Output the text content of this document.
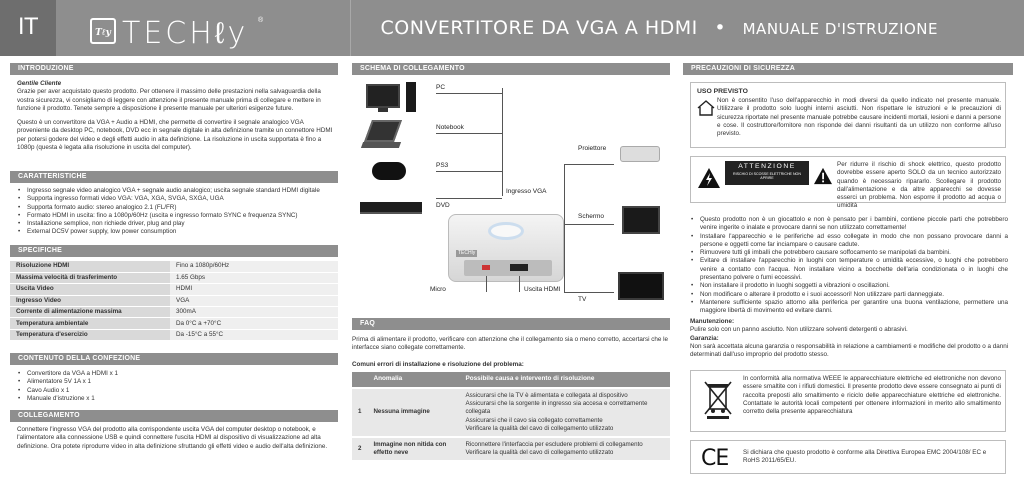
IT	Tℓy TECHℓy ®	CONVERTITORE DA VGA A HDMI • MANUALE D'ISTRUZIONE
INTRODUZIONE
Gentile Cliente
Grazie per aver acquistato questo prodotto. Per ottenere il massimo delle prestazioni nella salvaguardia della vostra sicurezza, vi consigliamo di leggere con attenzione il presente manuale prima di collegare e mettere in funzione il prodotto. Tenete sempre a disposizione il presente manuale per ulteriori esigenze future.
Questo è un convertitore da VGA + Audio a HDMI, che permette di convertire il segnale analogico VGA proveniente da desktop PC, notebook, DVD ecc in segnale digitale in alta definizione tramite un connettore HDMI per potersi godere del video e degli effetti audio in alta definizione. La risoluzione in uscita supportata è fino a 1080p (questa è legata alla risoluzione in uscita del computer).
CARATTERISTICHE
• Ingresso segnale video analogico VGA + segnale audio analogico; uscita segnale standard HDMI digitale
• Supporta ingresso formati video VGA: VGA, XGA, SVGA, SXGA, UGA
• Supporta formato audio: stereo analogico 2.1 (FL/FR)
• Formato HDMI in uscita: fino a 1080p/60Hz (uscita e ingresso formato SYNC e frequenza SYNC)
• Installazione semplice, non richiede driver, plug and play
• External DC5V power supply, low power consumption
SPECIFICHE
Risoluzione HDMI	Fino a 1080p/60Hz
Massima velocità di trasferimento	1.65 Gbps
Uscita Video	HDMI
Ingresso Video	VGA
Corrente di alimentazione massima	300mA
Temperatura ambientale	Da 0°C a +70°C
Temperatura d'esercizio	Da -15°C a 55°C
CONTENUTO DELLA CONFEZIONE
• Convertitore da VGA a HDMI x 1
• Alimentatore 5V 1A x 1
• Cavo Audio x 1
• Manuale d'istruzione x 1
COLLEGAMENTO
Connettere l'ingresso VGA del prodotto alla corrispondente uscita VGA del computer desktop o notebook, e l'alimentatore alla connessione USB e quindi connettere l'uscita HDMI al dispositivo di visualizzazione ad alta definizione. Ora potete riprodurre video in alta definizione sfruttando gli effetti video e audio dell'alta definizione.
SCHEMA DI COLLEGAMENTO
PC
Notebook
PS3
DVD
Ingresso VGA
TECHly
Micro	Uscita HDMI
Proiettore
Schermo
TV
FAQ
Prima di alimentare il prodotto, verificare con attenzione che il collegamento sia o meno corretto, accertarsi che le interfacce siano collegate correttamente.
Comuni errori di installazione e risoluzione del problema:
	Anomalia	Possibile causa e intervento di risoluzione
1	Nessuna immagine	Assicurarsi che la TV è alimentata e collegata al dispositivo
Assicurarsi che la sorgente in ingresso sia accesa e correttamente collegata
Assicurarsi che il cavo sia collegato correttamente
Verificare la qualità del cavo di collegamento utilizzato

2	Immagine non nitida con effetto neve	Riconnettere l'interfaccia per escludere problemi di collegamento
Verificare la qualità del cavo di collegamento utilizzato
PRECAUZIONI DI SICUREZZA
USO PREVISTO
Non è consentito l'uso dell'apparecchio in modi diversi da quello indicato nel presente manuale. Utilizzare il prodotto solo luoghi interni asciutti. Non rispettare le istruzioni e le precauzioni di sicurezza riportate nel presente manuale potrebbe causare incidenti mortali, lesioni e danni a persone e cose. Il costruttore/fornitore non risponde dei danni risultanti da un utilizzo non conforme all'uso previsto.
ATTENZIONE
RISCHIO DI SCOSSE ELETTRICHE NON APRIRE
Per ridurre il rischio di shock elettrico, questo prodotto dovrebbe essere aperto SOLO da un tecnico autorizzato quando è necessario ripararlo. Scollegare il prodotto dall'alimentazione e da altre apparecchi se dovesse esserci un problema. Non esporre il prodotto ad acqua o umidità
• Questo prodotto non è un giocattolo e non è pensato per i bambini, contiene piccole parti che potrebbero venire ingerite o inalate e provocare danni se non utilizzato correttamente!
• Installare l'apparecchio e le periferiche ad esso collegate in modo che non possano provocare danni a persone e oggetti come far inciampare o causare cadute.
• Rimuovere tutti gli imballi che potrebbero causare soffocamento se manipolati da bambini.
• Evitare di installare l'apparecchio in luoghi con temperature o umidità eccessive, o luoghi che potrebbero venire a contatto con l'acqua. Non installare vicino a bocchette dell'aria condizionata o in luoghi che presentano polvere o fumi eccessivi.
• Non installare il prodotto in luoghi soggetti a vibrazioni o oscillazioni.
• Non modificare o alterare il prodotto e i suoi accessori! Non utilizzare parti danneggiate.
• Mantenere sufficiente spazio attorno alla periferica per garantire una buona ventilazione, permettere una maggiore libertà di movimento ed evitare danni.
Manutenzione:
Pulire solo con un panno asciutto. Non utilizzare solventi detergenti o abrasivi.
Garanzia:
Non sarà accettata alcuna garanzia o responsabilità in relazione a cambiamenti e modifiche del prodotto o a danni determinati dall'uso improprio del prodotto stesso.
In conformità alla normativa WEEE le apparecchiature elettriche ed elettroniche non devono essere smaltite con i rifiuti domestici. Il presente prodotto deve essere consegnato ai punti di raccolta preposti allo smaltimento e riciclo delle apparecchiature elettriche ed elettroniche. Contattate le autorità locali competenti per ottenere informazioni in merito allo smaltimento corretto della presente apparecchiatura
CE Si dichiara che questo prodotto è conforme alla Direttiva Europea EMC 2004/108/ EC e RoHS 2011/65/EU.
